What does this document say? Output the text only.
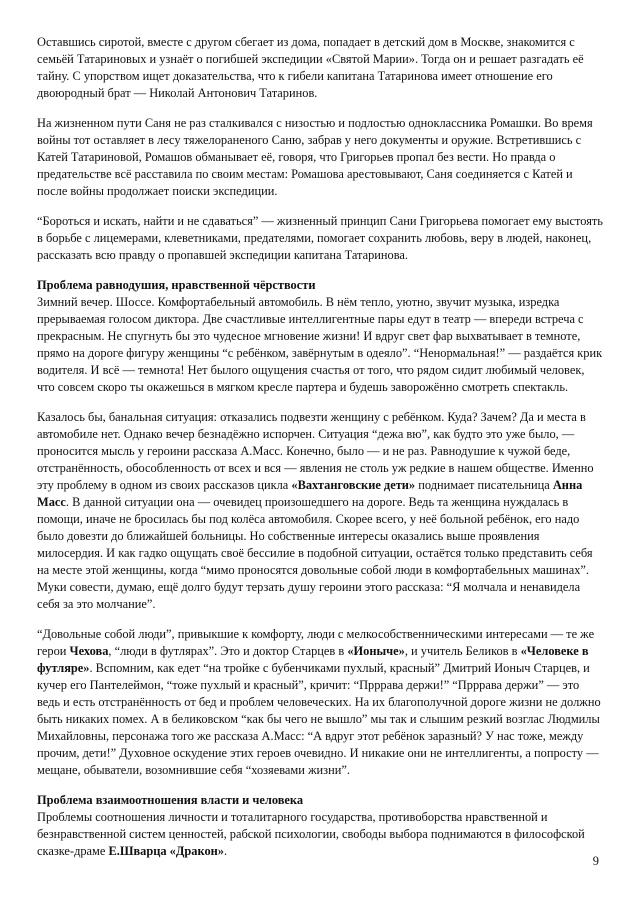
Оставшись сиротой, вместе с другом сбегает из дома, попадает в детский дом в Москве, знакомится с семьёй Татариновых и узнаёт о погибшей экспедиции «Святой Марии». Тогда он и решает разгадать её тайну. С упорством ищет доказательства, что к гибели капитана Татаринова имеет отношение его двоюродный брат — Николай Антонович Татаринов.

На жизненном пути Саня не раз сталкивался с низостью и подлостью одноклассника Ромашки. Во время войны тот оставляет в лесу тяжелораненого Саню, забрав у него документы и оружие. Встретившись с Катей Татариновой, Ромашов обманывает её, говоря, что Григорьев пропал без вести. Но правда о предательстве всё расставила по своим местам: Ромашова арестовывают, Саня соединяется с Катей и после войны продолжает поиски экспедиции.

“Бороться и искать, найти и не сдаваться” — жизненный принцип Сани Григорьева помогает ему выстоять в борьбе с лицемерами, клеветниками, предателями, помогает сохранить любовь, веру в людей, наконец, рассказать всю правду о пропавшей экспедиции капитана Татаринова.

Проблема равнодушия, нравственной чёрствости
Зимний вечер. Шоссе. Комфортабельный автомобиль. В нём тепло, уютно, звучит музыка, изредка прерываемая голосом диктора. Две счастливые интеллигентные пары едут в театр — впереди встреча с прекрасным. Не спугнуть бы это чудесное мгновение жизни! И вдруг свет фар выхватывает в темноте, прямо на дороге фигуру женщины “с ребёнком, завёрнутым в одеяло”. “Ненормальная!” — раздаётся крик водителя. И всё — темнота! Нет былого ощущения счастья от того, что рядом сидит любимый человек, что совсем скоро ты окажешься в мягком кресле партера и будешь заворожённо смотреть спектакль.

Казалось бы, банальная ситуация: отказались подвезти женщину с ребёнком. Куда? Зачем? Да и места в автомобиле нет. Однако вечер безнадёжно испорчен. Ситуация “дежа вю”, как будто это уже было, — проносится мысль у героини рассказа А.Масс. Конечно, было — и не раз. Равнодушие к чужой беде, отстранённость, обособленность от всех и вся — явления не столь уж редкие в нашем обществе. Именно эту проблему в одном из своих рассказов цикла «Вахтанговские дети» поднимает писательница Анна Масс. В данной ситуации она — очевидец произошедшего на дороге. Ведь та женщина нуждалась в помощи, иначе не бросилась бы под колёса автомобиля. Скорее всего, у неё больной ребёнок, его надо было довезти до ближайшей больницы. Но собственные интересы оказались выше проявления милосердия. И как гадко ощущать своё бессилие в подобной ситуации, остаётся только представить себя на месте этой женщины, когда “мимо проносятся довольные собой люди в комфортабельных машинах”. Муки совести, думаю, ещё долго будут терзать душу героини этого рассказа: “Я молчала и ненавидела себя за это молчание”.

“Довольные собой люди”, привыкшие к комфорту, люди с мелкособственническими интересами — те же герои Чехова, “люди в футлярах”. Это и доктор Старцев в «Ионыче», и учитель Беликов в «Человеке в футляре». Вспомним, как едет “на тройке с бубенчиками пухлый, красный” Дмитрий Ионыч Старцев, и кучер его Пантелеймон, “тоже пухлый и красный”, кричит: “Прррава держи!” “Прррава держи” — это ведь и есть отстранённость от бед и проблем человеческих. На их благополучной дороге жизни не должно быть никаких помех. А в беликовском “как бы чего не вышло” мы так и слышим резкий возглас Людмилы Михайловны, персонажа того же рассказа А.Масс: “А вдруг этот ребёнок заразный? У нас тоже, между прочим, дети!” Духовное оскудение этих героев очевидно. И никакие они не интеллигенты, а попросту — мещане, обыватели, возомнившие себя “хозяевами жизни”.

Проблема взаимоотношения власти и человека
Проблемы соотношения личности и тоталитарного государства, противоборства нравственной и безнравственной систем ценностей, рабской психологии, свободы выбора поднимаются в философской сказке-драме Е.Шварца «Дракон».
9
